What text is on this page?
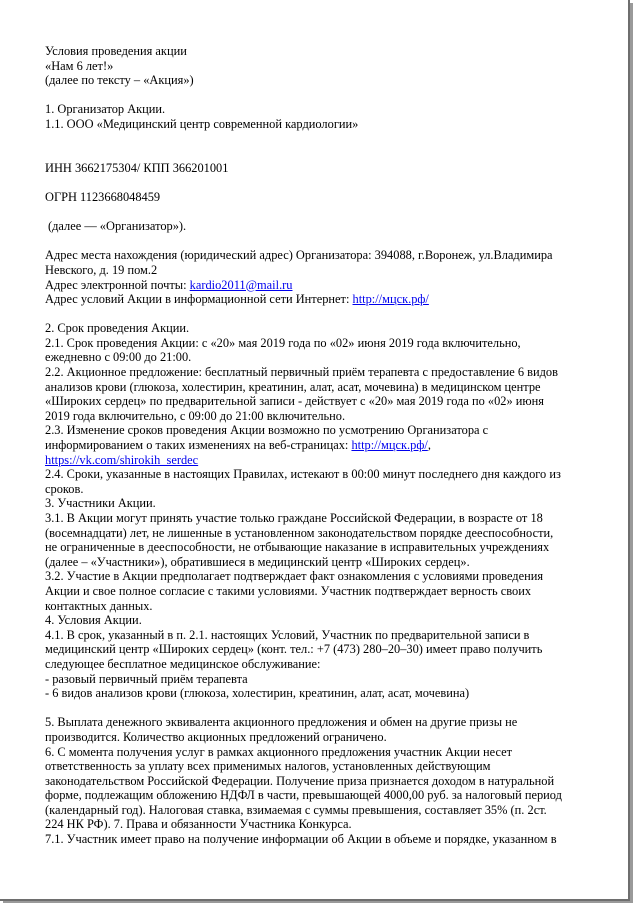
Условия проведения акции
«Нам 6 лет!»
(далее по тексту – «Акция»)
1. Организатор Акции.
1.1. ООО «Медицинский центр современной кардиологии»
ИНН 3662175304/ КПП 366201001
ОГРН 1123668048459
(далее — «Организатор»).
Адрес места нахождения (юридический адрес) Организатора: 394088, г.Воронеж, ул.Владимира
Невского, д. 19 пом.2
Адрес электронной почты: kardio2011@mail.ru
Адрес условий Акции в информационной сети Интернет: http://мцск.рф/
2. Срок проведения Акции.
2.1. Срок проведения Акции: с «20» мая 2019 года по «02» июня 2019 года включительно,
ежедневно с 09:00 до 21:00.
2.2. Акционное предложение: бесплатный первичный приём терапевта с предоставление 6 видов
анализов крови (глюкоза, холестирин, креатинин, алат, асат, мочевина) в медицинском центре
«Широких сердец» по предварительной записи - действует с «20» мая 2019 года по «02» июня
2019 года включительно, с 09:00 до 21:00 включительно.
2.3. Изменение сроков проведения Акции возможно по усмотрению Организатора с
информированием о таких изменениях на веб-страницах: http://мцск.рф/,
https://vk.com/shirokih_serdec
2.4. Сроки, указанные в настоящих Правилах, истекают в 00:00 минут последнего дня каждого из
сроков.
3. Участники Акции.
3.1. В Акции могут принять участие только граждане Российской Федерации, в возрасте от 18
(восемнадцати) лет, не лишенные в установленном законодательством порядке дееспособности,
не ограниченные в дееспособности, не отбывающие наказание в исправительных учреждениях
(далее – «Участники»), обратившиеся в медицинский центр «Широких сердец».
3.2. Участие в Акции предполагает подтверждает факт ознакомления с условиями проведения
Акции и свое полное согласие с такими условиями. Участник подтверждает верность своих
контактных данных.
4. Условия Акции.
4.1. В срок, указанный в п. 2.1. настоящих Условий, Участник по предварительной записи в
медицинский центр «Широких сердец» (конт. тел.: +7 (473) 280–20–30) имеет право получить
следующее бесплатное медицинское обслуживание:
- разовый первичный приём терапевта
- 6 видов анализов крови (глюкоза, холестирин, креатинин, алат, асат, мочевина)
5. Выплата денежного эквивалента акционного предложения и обмен на другие призы не
производится. Количество акционных предложений ограничено.
6. С момента получения услуг в рамках акционного предложения участник Акции несет
ответственность за уплату всех применимых налогов, установленных действующим
законодательством Российской Федерации. Получение приза признается доходом в натуральной
форме, подлежащим обложению НДФЛ в части, превышающей 4000,00 руб. за налоговый период
(календарный год). Налоговая ставка, взимаемая с суммы превышения, составляет 35% (п. 2ст.
224 НК РФ). 7. Права и обязанности Участника Конкурса.
7.1. Участник имеет право на получение информации об Акции в объеме и порядке, указанном в
